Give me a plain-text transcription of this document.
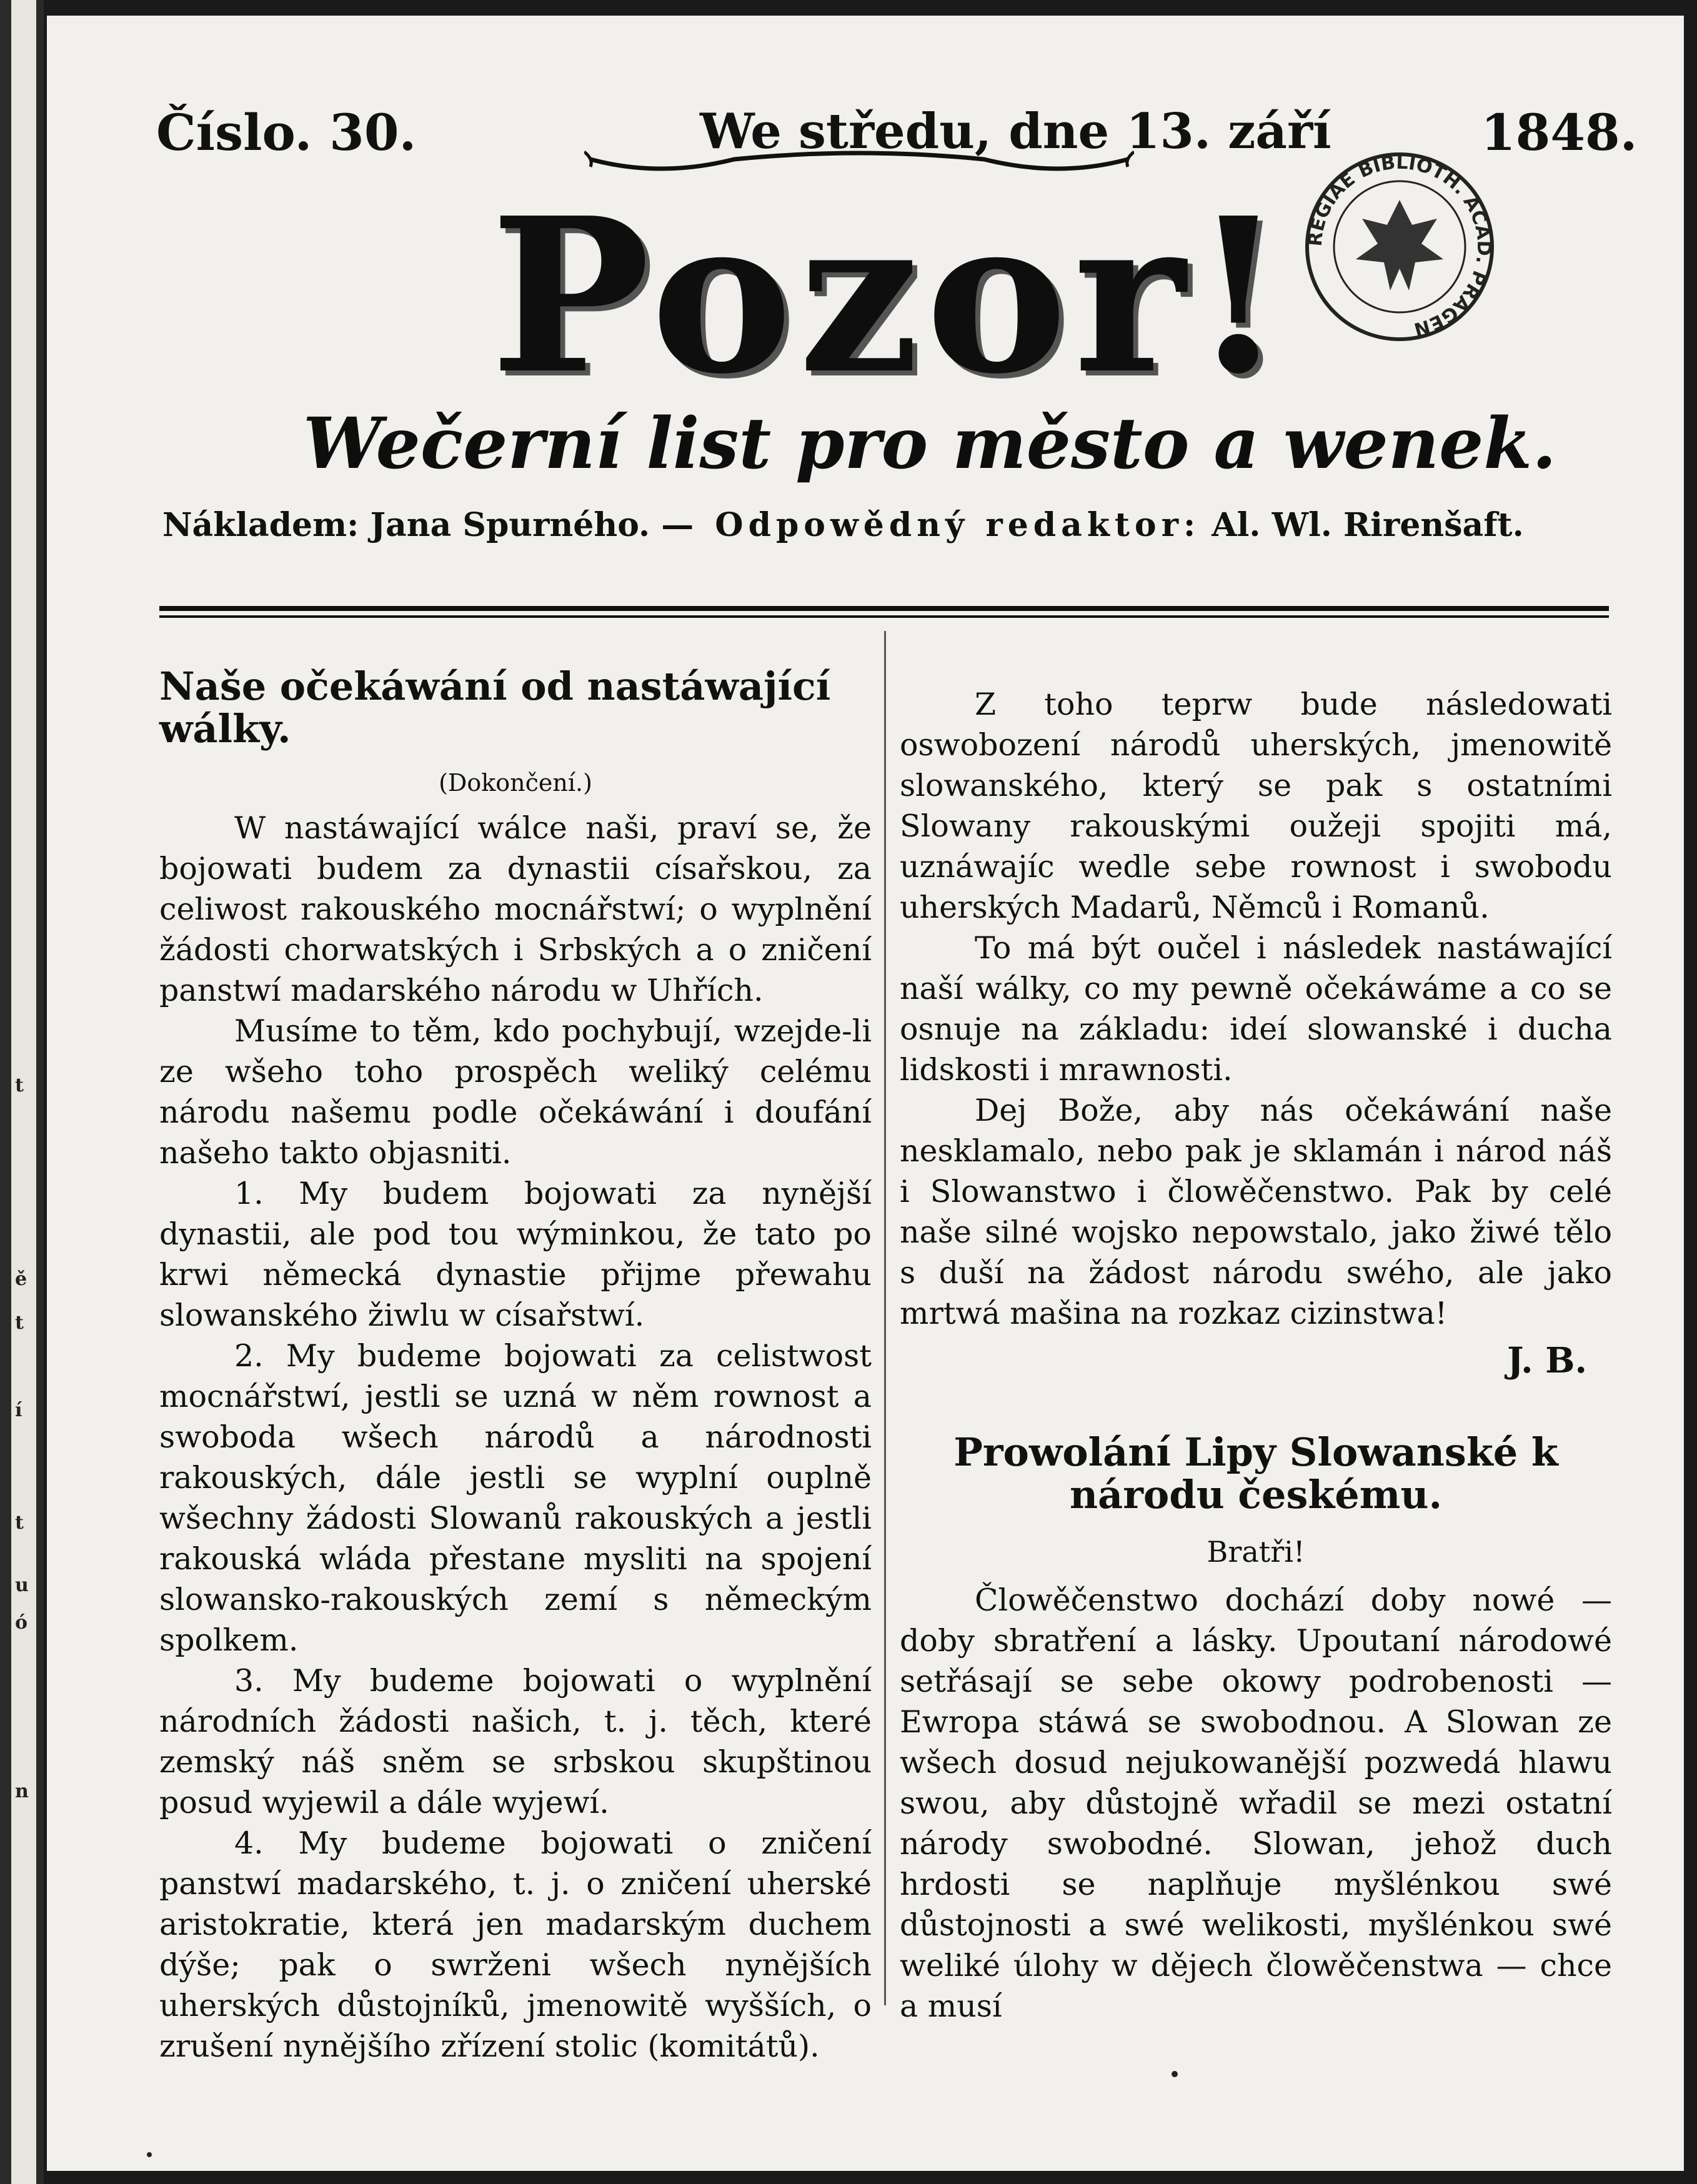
t
ě
t
í
t
u
ó
n
Číslo. 30.	We středu, dne 13. září	1848.
Pozor!
Wečerní list pro město a wenek.
Nákladem: Jana Spurného. — Odpowědný redaktor: Al. Wl. Rirenšaft.
REGIAE BIBLIOTH. ACAD. PRAGEN
Naše očekáwání od nastáwající wálky.
(Dokončení.)

W nastáwající wálce naši, praví se, že bojowati budem za dynastii císařskou, za celiwost rakouského mocnářstwí; o wyplnění žádosti chorwatských i Srbských a o zničení panstwí madarského národu w Uhřích.

Musíme to těm, kdo pochybují, wzejde-li ze wšeho toho prospěch weliký celému národu našemu podle očekáwání i doufání našeho takto objasniti.

1. My budem bojowati za nynější dynastii, ale pod tou wýminkou, že tato po krwi německá dynastie přijme přewahu slowanského žiwlu w císařstwí.

2. My budeme bojowati za celistwost mocnářstwí, jestli se uzná w něm rownost a swoboda wšech národů a národnosti rakouských, dále jestli se wyplní ouplně wšechny žádosti Slowanů rakouských a jestli rakouská wláda přestane mysliti na spojení slowansko-rakouských zemí s německým spolkem.

3. My budeme bojowati o wyplnění národních žádosti našich, t. j. těch, které zemský náš sněm se srbskou skupštinou posud wyjewil a dále wyjewí.

4. My budeme bojowati o zničení panstwí madarského, t. j. o zničení uherské aristokratie, která jen madarským duchem dýše; pak o swrženi wšech nynějších uherských důstojníků, jmenowitě wyšších, o zrušení nynějšího zřízení stolic (komitátů).

Z toho teprw bude následowati oswobození národů uherských, jmenowitě slowanského, který se pak s ostatními Slowany rakouskými oužeji spojiti má, uznáwajíc wedle sebe rownost i swobodu uherských Madarů, Němců i Romanů.

To má být oučel i následek nastáwající naší wálky, co my pewně očekáwáme a co se osnuje na základu: ideí slowanské i ducha lidskosti i mrawnosti.

Dej Bože, aby nás očekáwání naše nesklamalo, nebo pak je sklamán i národ náš i Slowanstwo i člowěčenstwo. Pak by celé naše silné wojsko nepowstalo, jako žiwé tělo s duší na žádost národu swého, ale jako mrtwá mašina na rozkaz cizinstwa!

J. B.
Prowolání Lipy Slowanské k národu českému.
Bratři!

Člowěčenstwo dochází doby nowé — doby sbratření a lásky. Upoutaní národowé setřásají se sebe okowy podrobenosti — Ewropa stáwá se swobodnou. A Slowan ze wšech dosud nejukowanější pozwedá hlawu swou, aby důstojně wřadil se mezi ostatní národy swobodné. Slowan, jehož duch hrdosti se naplňuje myšlénkou swé důstojnosti a swé welikosti, myšlénkou swé weliké úlohy w dějech člowěčenstwa — chce a musí
